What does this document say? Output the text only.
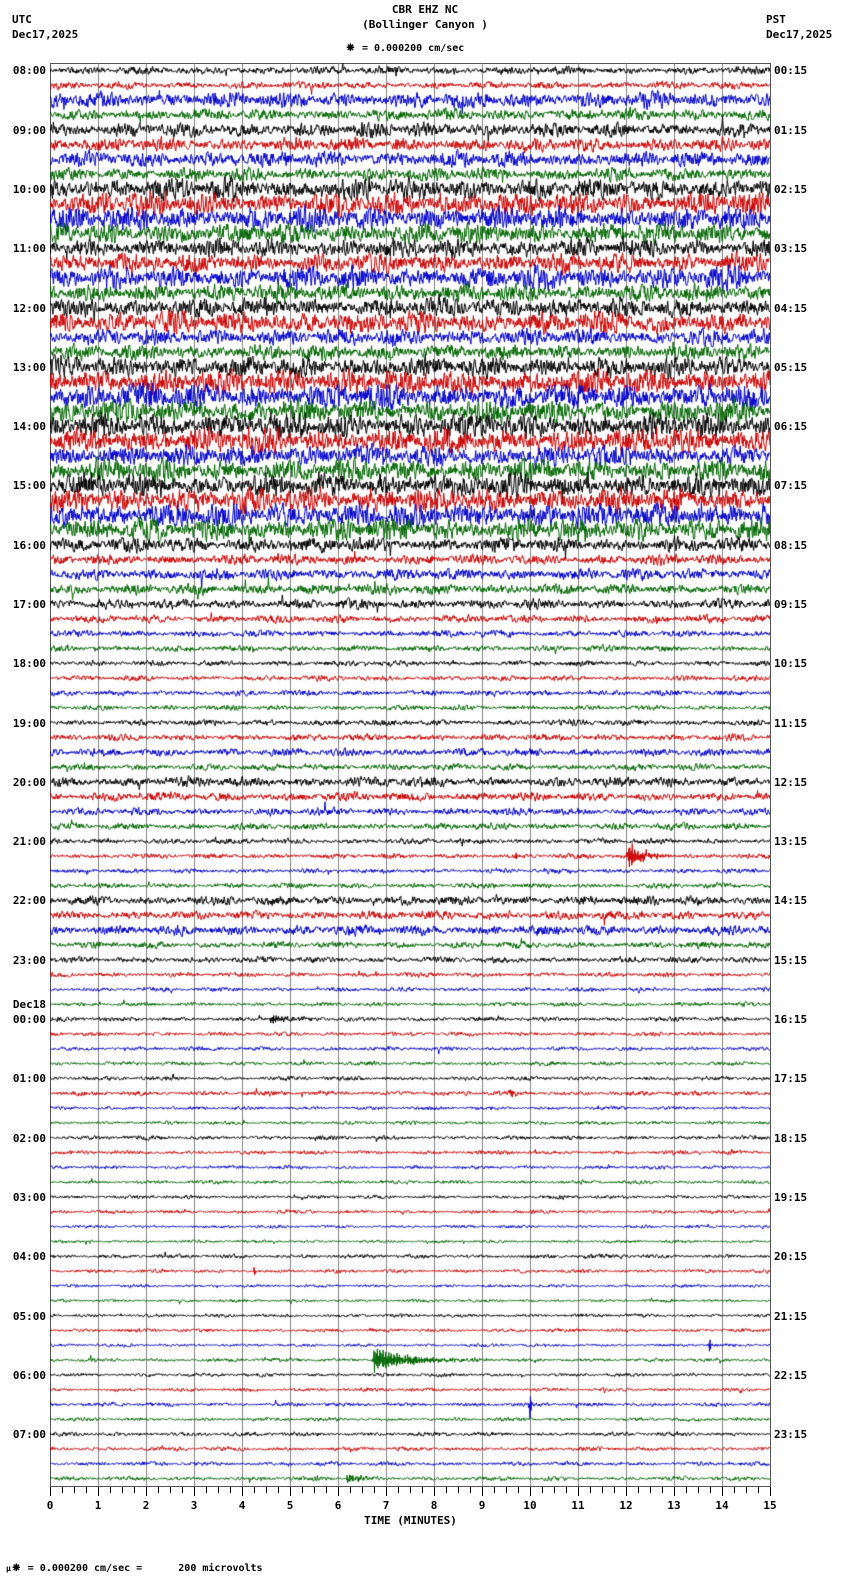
CBR EHZ NC
(Bollinger Canyon )
UTC
Dec17,2025
PST
Dec17,2025
⁕ = 0.000200 cm/sec
08:00
09:00
10:00
11:00
12:00
13:00
14:00
15:00
16:00
17:00
18:00
19:00
20:00
21:00
22:00
23:00
00:00
01:00
02:00
03:00
04:00
05:00
06:00
07:00
Dec18
00:15
01:15
02:15
03:15
04:15
05:15
06:15
07:15
08:15
09:15
10:15
11:15
12:15
13:15
14:15
15:15
16:15
17:15
18:15
19:15
20:15
21:15
22:15
23:15
0	1	2	3	4	5	6	7	8	9	10	11	12	13	14	15
TIME (MINUTES)
μ⁕ = 0.000200 cm/sec =      200 microvolts
